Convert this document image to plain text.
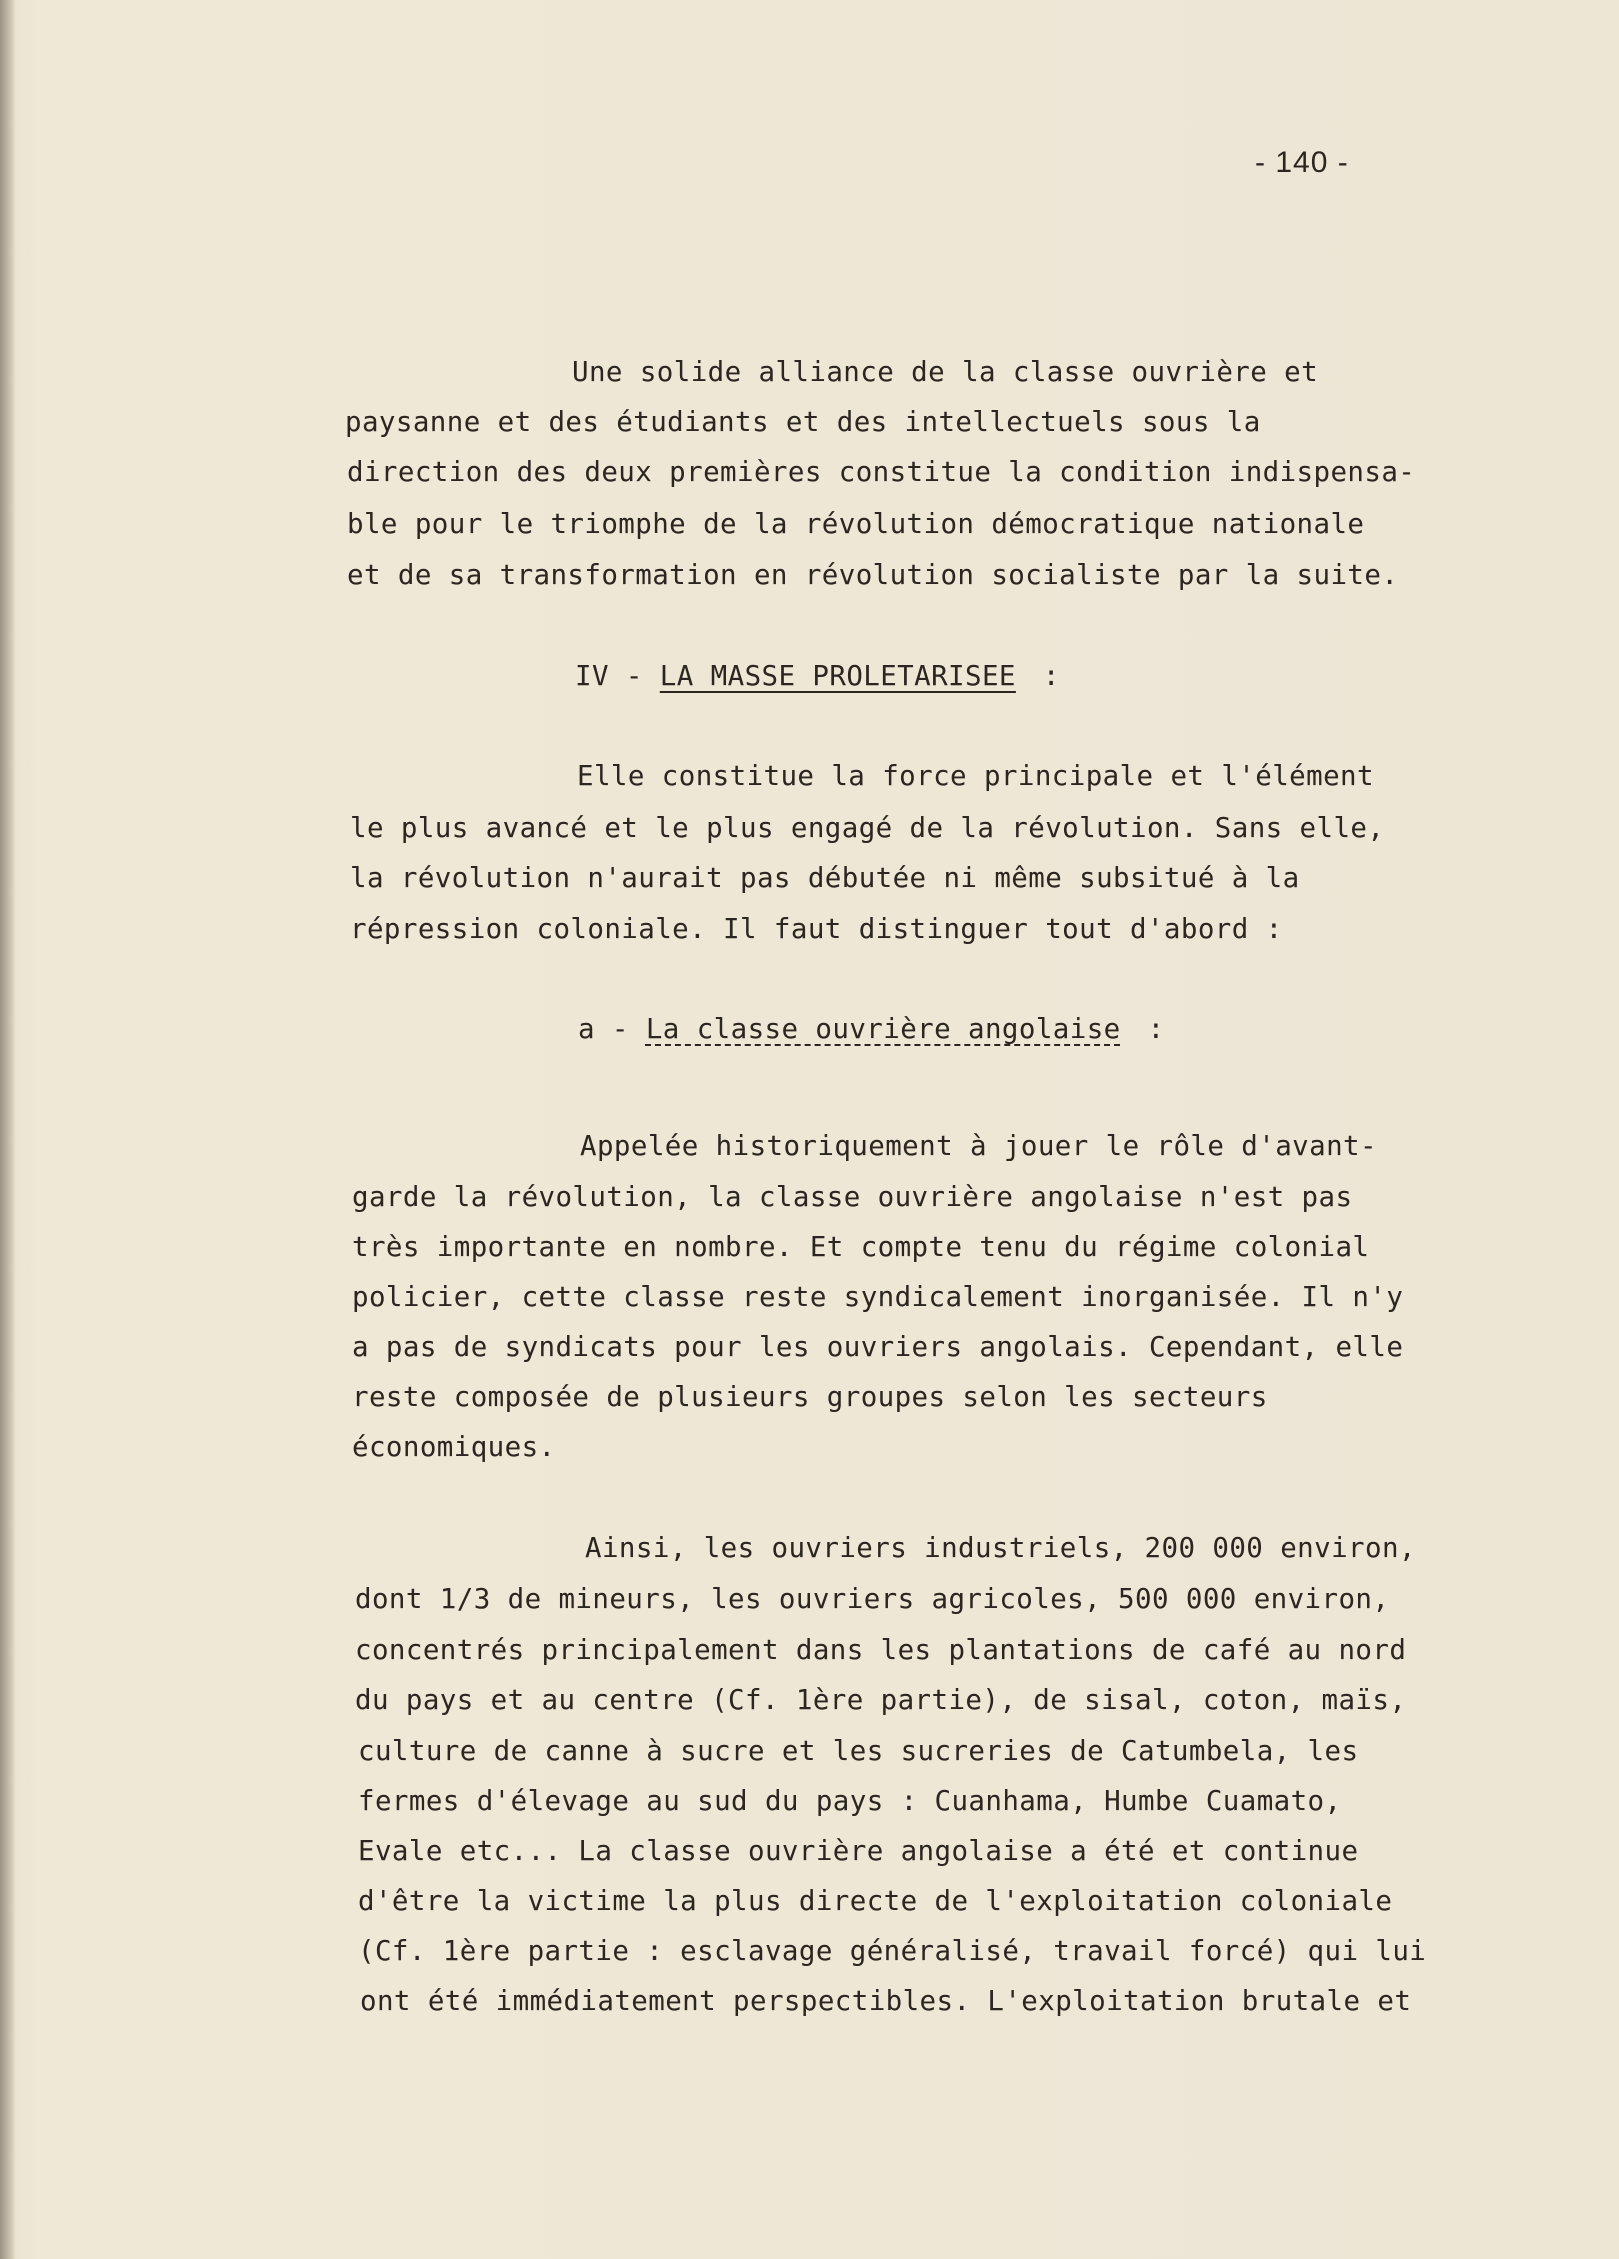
- 140 -
Une solide alliance de la classe ouvrière et
paysanne et des étudiants et des intellectuels sous la
direction des deux premières constitue la condition indispensa-
ble pour le triomphe de la révolution démocratique nationale
et de sa transformation en révolution socialiste par la suite.
IV - LA MASSE PROLETARISEE :
Elle constitue la force principale et l'élément
le plus avancé et le plus engagé de la révolution. Sans elle,
la révolution n'aurait pas débutée ni même subsitué à la
répression coloniale. Il faut distinguer tout d'abord :
a - La classe ouvrière angolaise :
Appelée historiquement à jouer le rôle d'avant-
garde la révolution, la classe ouvrière angolaise n'est pas
très importante en nombre. Et compte tenu du régime colonial
policier, cette classe reste syndicalement inorganisée. Il n'y
a pas de syndicats pour les ouvriers angolais. Cependant, elle
reste composée de plusieurs groupes selon les secteurs
économiques.
Ainsi, les ouvriers industriels, 200 000 environ,
dont 1/3 de mineurs, les ouvriers agricoles, 500 000 environ,
concentrés principalement dans les plantations de café au nord
du pays et au centre (Cf. 1ère partie), de sisal, coton, maïs,
culture de canne à sucre et les sucreries de Catumbela, les
fermes d'élevage au sud du pays : Cuanhama, Humbe Cuamato,
Evale etc... La classe ouvrière angolaise a été et continue
d'être la victime la plus directe de l'exploitation coloniale
(Cf. 1ère partie : esclavage généralisé, travail forcé) qui lui
ont été immédiatement perspectibles. L'exploitation brutale et
